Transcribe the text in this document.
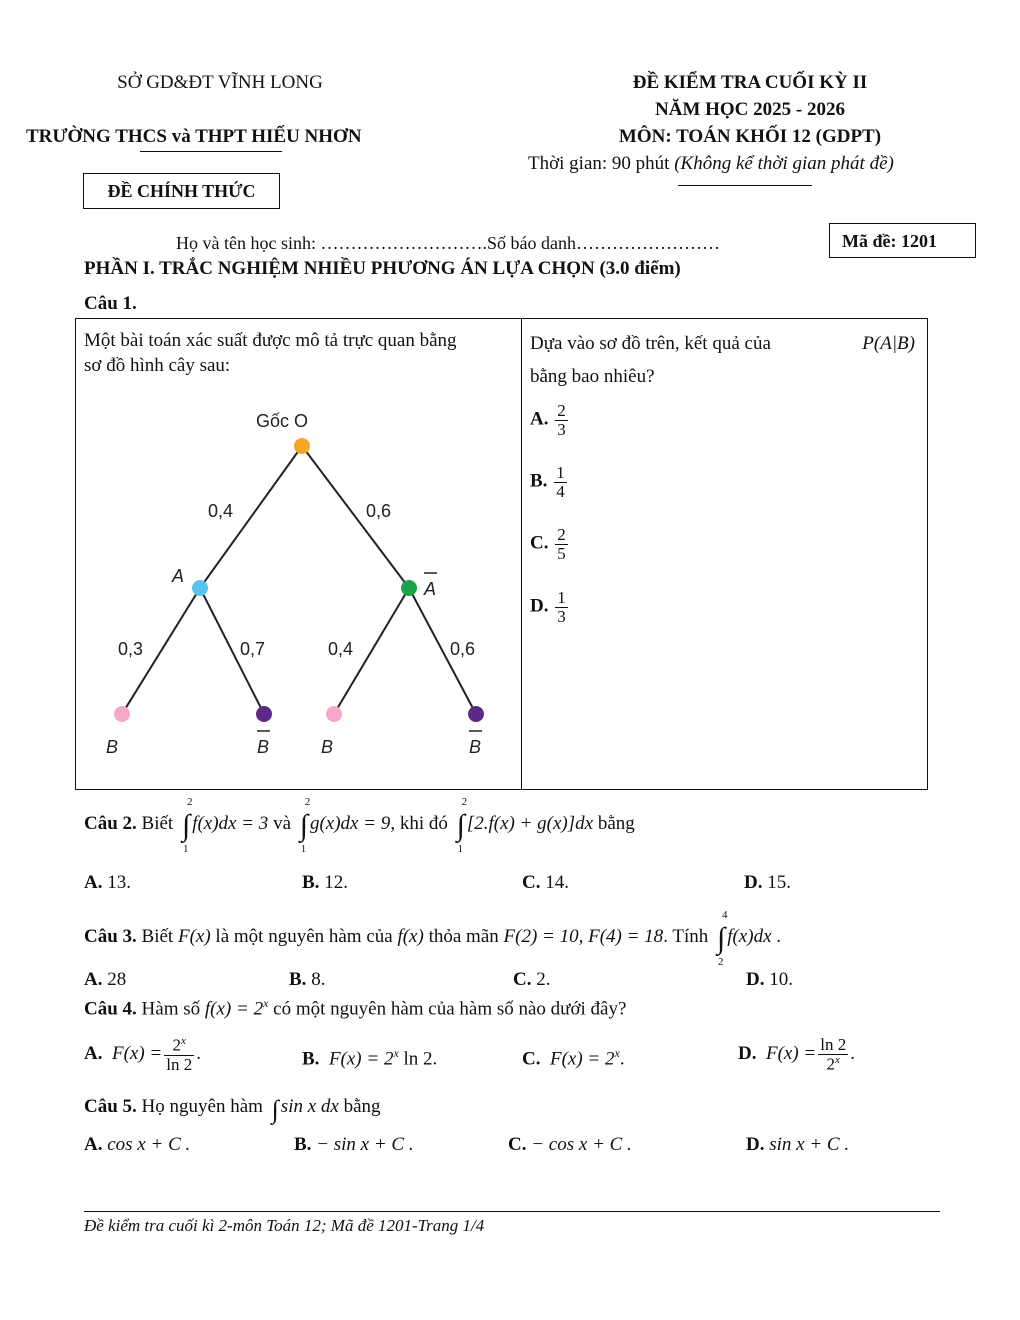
SỞ GD&ĐT VĨNH LONG
TRƯỜNG THCS và THPT HIẾU NHƠN
ĐỀ CHÍNH THỨC
ĐỀ KIỂM TRA CUỐI KỲ II
NĂM HỌC 2025 - 2026
MÔN: TOÁN KHỐI 12 (GDPT)
Thời gian: 90 phút (Không kể thời gian phát đề)
Họ và tên học sinh: ……………………….Số báo danh……………………	Mã đề: 1201
PHẦN I. TRẮC NGHIỆM NHIỀU PHƯƠNG ÁN LỰA CHỌN (3.0 điểm)
Câu 1.
Một bài toán xác suất được mô tả trực quan bằng
sơ đồ hình cây sau:
Gốc O
0,4	0,6
A
A
0,3	0,7	0,4	0,6
B	B	B	B
Dựa vào sơ đồ trên, kết quả của	P(A|B)
bằng bao nhiêu?
A. $\frac{2}{3}$
B. $\frac{1}{4}$
C. $\frac{2}{5}$
D. $\frac{1}{3}$
Câu 2. Biết ∫
2
1
f(x)dx = 3 và ∫
2
1
g(x)dx = 9, khi đó ∫
2
1
[2.f(x) + g(x)]dx bằng
A. 13.	B. 12.	C. 14.	D. 15.
Câu 3. Biết F(x) là một nguyên hàm của f(x) thỏa mãn F(2) = 10, F(4) = 18. Tính ∫
4
2
f(x)dx .
A. 28	B. 8.	C. 2.	D. 10.
Câu 4. Hàm số $f(x) = 2^x$ có một nguyên hàm của hàm số nào dưới đây?
A. $F(x) = \frac{2^x}{\ln 2}$ .	B. $F(x) = 2^x$ ln 2.	C. $F(x) = 2^x$.	D. $F(x) = \frac{\ln 2}{2^x}$ .
Câu 5. Họ nguyên hàm ∫ sin x dx bằng
A. cos x + C .	B. − sin x + C .	C. − cos x + C .	D. sin x + C .
Đề kiểm tra cuối kì 2-môn Toán 12; Mã đề 1201-Trang 1/4
